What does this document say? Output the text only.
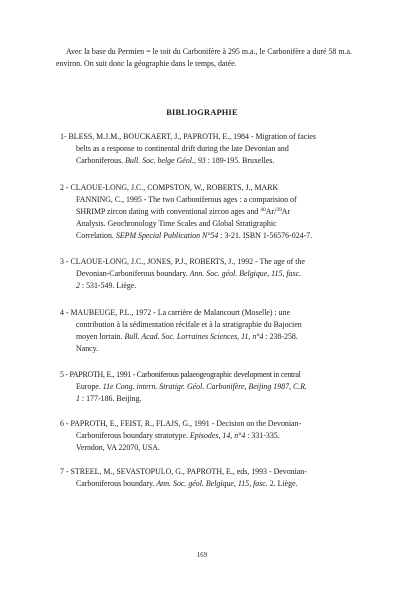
Avec la base du Permien = le toit du Carbonifère à 295 m.a., le Carbonifère a duré 58 m.a. environ. On suit donc la géographie dans le temps, datée.

BIBLIOGRAPHIE
1- BLESS, M.J.M., BOUCKAERT, J., PAPROTH, E., 1984 - Migration of facies
belts as a response to continental drift during the late Devonian and
Carboniferous. Bull. Soc. belge Géol., 93 : 189-195. Bruxelles.
2 - CLAOUE-LONG, J.C., COMPSTON, W., ROBERTS, J., MARK
FANNING, C., 1995 - The two Carboniferous ages : a comparision of
SHRIMP zircon dating with conventional zircon ages and $^{40}$Ar/$^{39}$Ar
Analysis. Geochronology Time Scales and Global Stratigraphic
Correlation. SEPM Special Publication N°54 : 3-21. ISBN 1-56576-024-7.
3 - CLAOUE-LONG, J.C., JONES, P.J., ROBERTS, J., 1992 - The age of the
Devonian-Carboniferous boundary. Ann. Soc. géol. Belgique, 115, fasc.
2 : 531-549. Liège.
4 - MAUBEUGE, P.L., 1972 - La carrière de Malancourt (Moselle) : une
contribution à la sédimentation récifale et à la stratigraphie du Bajocien
moyen lorrain. Bull. Acad. Soc. Lorraines Sciences, 11, n°4 : 238-258.
Nancy.
5 - PAPROTH, E., 1991 - Carboniferous palaeogeographic development in central
Europe. 11e Cong. intern. Stratigr. Géol. Carbonifère, Beijing 1987, C.R.
1 : 177-186. Beijing.
6 - PAPROTH, E., FEIST, R., FLAJS, G., 1991 - Decision on the Devonian-
Carboniferous boundary stratotype. Episodes, 14, n°4 : 331-335.
Verndon, VA 22070, USA.
7 - STREEL, M., SEVASTOPULO, G., PAPROTH, E., eds, 1993 - Devonian-
Carboniferous boundary. Ann. Soc. géol. Belgique, 115, fasc. 2. Liège.
169
